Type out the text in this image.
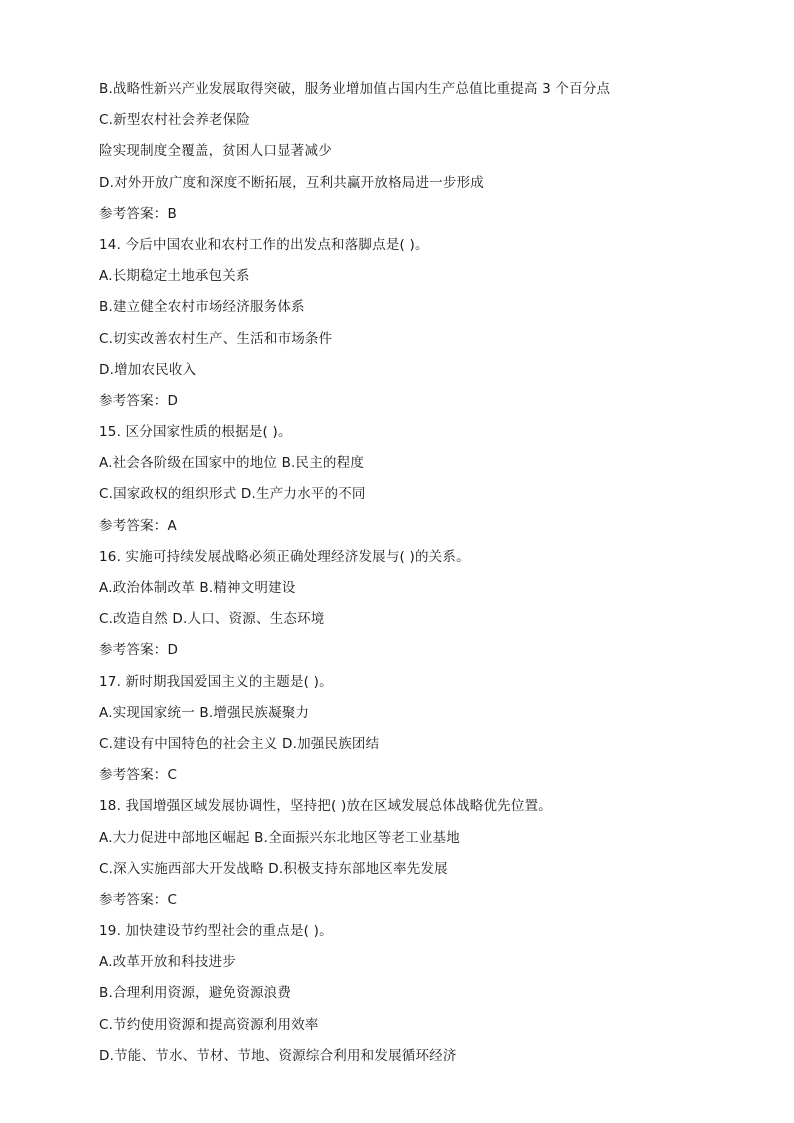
B.战略性新兴产业发展取得突破，服务业增加值占国内生产总值比重提高 3 个百分点
C.新型农村社会养老保险
险实现制度全覆盖，贫困人口显著减少
D.对外开放广度和深度不断拓展，互利共赢开放格局进一步形成
参考答案：B
14. 今后中国农业和农村工作的出发点和落脚点是( )。
A.长期稳定土地承包关系
B.建立健全农村市场经济服务体系
C.切实改善农村生产、生活和市场条件
D.增加农民收入
参考答案：D
15. 区分国家性质的根据是( )。
A.社会各阶级在国家中的地位 B.民主的程度
C.国家政权的组织形式 D.生产力水平的不同
参考答案：A
16. 实施可持续发展战略必须正确处理经济发展与( )的关系。
A.政治体制改革 B.精神文明建设
C.改造自然 D.人口、资源、生态环境
参考答案：D
17. 新时期我国爱国主义的主题是( )。
A.实现国家统一 B.增强民族凝聚力
C.建设有中国特色的社会主义 D.加强民族团结
参考答案：C
18. 我国增强区域发展协调性，坚持把( )放在区域发展总体战略优先位置。
A.大力促进中部地区崛起 B.全面振兴东北地区等老工业基地
C.深入实施西部大开发战略 D.积极支持东部地区率先发展
参考答案：C
19. 加快建设节约型社会的重点是( )。
A.改革开放和科技进步
B.合理利用资源，避免资源浪费
C.节约使用资源和提高资源利用效率
D.节能、节水、节材、节地、资源综合利用和发展循环经济
